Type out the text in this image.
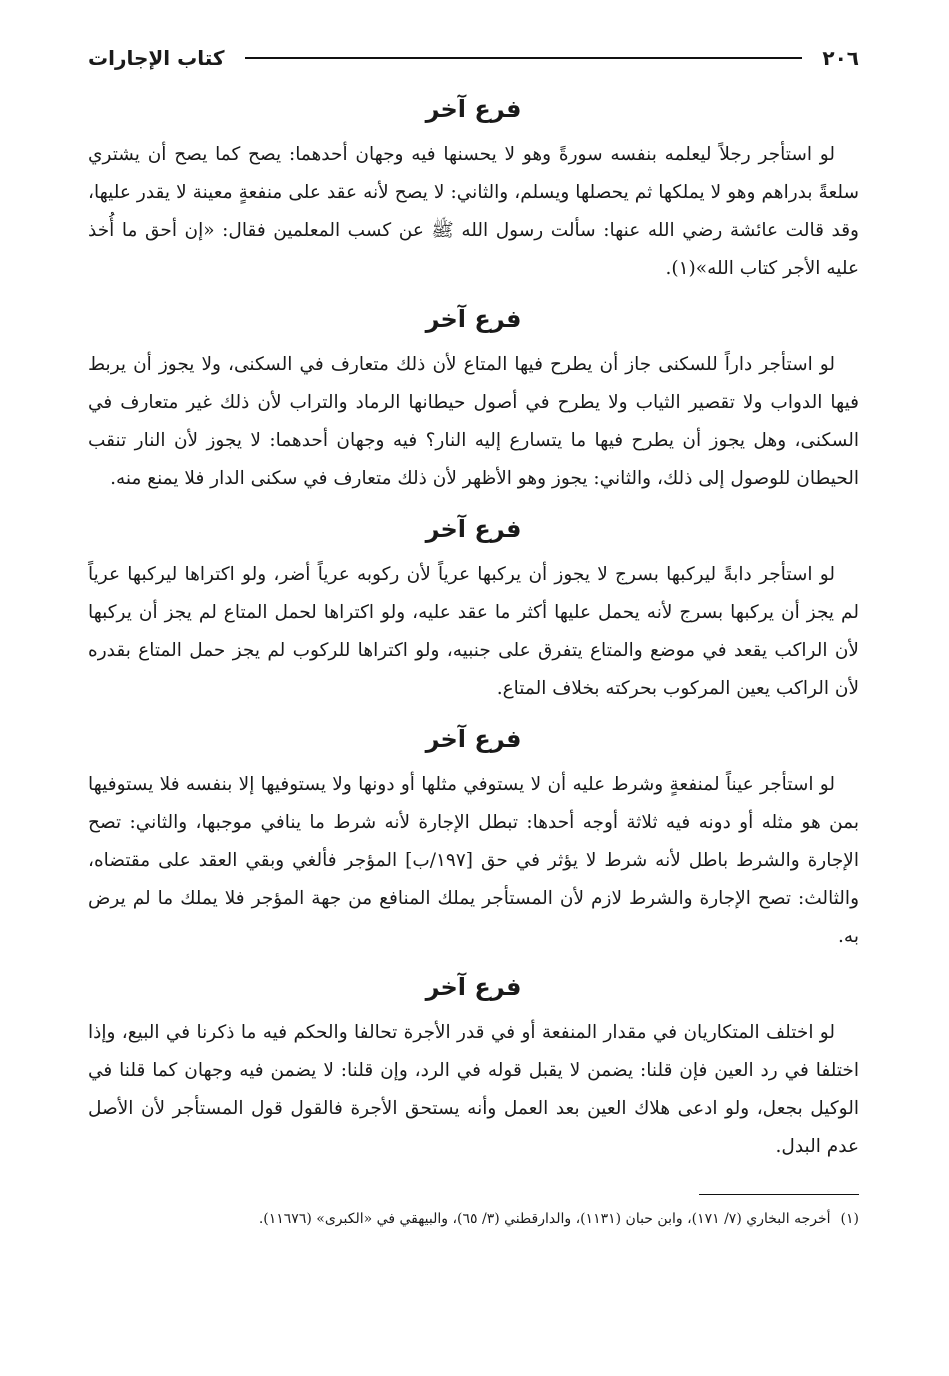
٢٠٦
كتاب الإجارات
فرع آخر

لو استأجر رجلاً ليعلمه بنفسه سورةً وهو لا يحسنها فيه وجهان أحدهما: يصح كما يصح أن يشتري سلعةً بدراهم وهو لا يملكها ثم يحصلها ويسلم، والثاني: لا يصح لأنه عقد على منفعةٍ معينة لا يقدر عليها، وقد قالت عائشة رضي الله عنها: سألت رسول الله ﷺ عن كسب المعلمين فقال: «إن أحق ما أُخذ عليه الأجر كتاب الله»(١).

فرع آخر

لو استأجر داراً للسكنى جاز أن يطرح فيها المتاع لأن ذلك متعارف في السكنى، ولا يجوز أن يربط فيها الدواب ولا تقصير الثياب ولا يطرح في أصول حيطانها الرماد والتراب لأن ذلك غير متعارف في السكنى، وهل يجوز أن يطرح فيها ما يتسارع إليه النار؟ فيه وجهان أحدهما: لا يجوز لأن النار تنقب الحيطان للوصول إلى ذلك، والثاني: يجوز وهو الأظهر لأن ذلك متعارف في سكنى الدار فلا يمنع منه.

فرع آخر

لو استأجر دابةً ليركبها بسرج لا يجوز أن يركبها عرياً لأن ركوبه عرياً أضر، ولو اكتراها ليركبها عرياً لم يجز أن يركبها بسرج لأنه يحمل عليها أكثر ما عقد عليه، ولو اكتراها لحمل المتاع لم يجز أن يركبها لأن الراكب يقعد في موضع والمتاع يتفرق على جنبيه، ولو اكتراها للركوب لم يجز حمل المتاع بقدره لأن الراكب يعين المركوب بحركته بخلاف المتاع.

فرع آخر

لو استأجر عيناً لمنفعةٍ وشرط عليه أن لا يستوفي مثلها أو دونها ولا يستوفيها إلا بنفسه فلا يستوفيها بمن هو مثله أو دونه فيه ثلاثة أوجه أحدها: تبطل الإجارة لأنه شرط ما ينافي موجبها، والثاني: تصح الإجارة والشرط باطل لأنه شرط لا يؤثر في حق [١٩٧/ب] المؤجر فألغي وبقي العقد على مقتضاه، والثالث: تصح الإجارة والشرط لازم لأن المستأجر يملك المنافع من جهة المؤجر فلا يملك ما لم يرض به.

فرع آخر

لو اختلف المتكاريان في مقدار المنفعة أو في قدر الأجرة تحالفا والحكم فيه ما ذكرنا في البيع، وإذا اختلفا في رد العين فإن قلنا: يضمن لا يقبل قوله في الرد، وإن قلنا: لا يضمن فيه وجهان كما قلنا في الوكيل بجعل، ولو ادعى هلاك العين بعد العمل وأنه يستحق الأجرة فالقول قول المستأجر لأن الأصل عدم البدل.

(١)أخرجه البخاري (٧/ ١٧١)، وابن حبان (١١٣١)، والدارقطني (٣/ ٦٥)، والبيهقي في «الكبرى» (١١٦٧٦).
